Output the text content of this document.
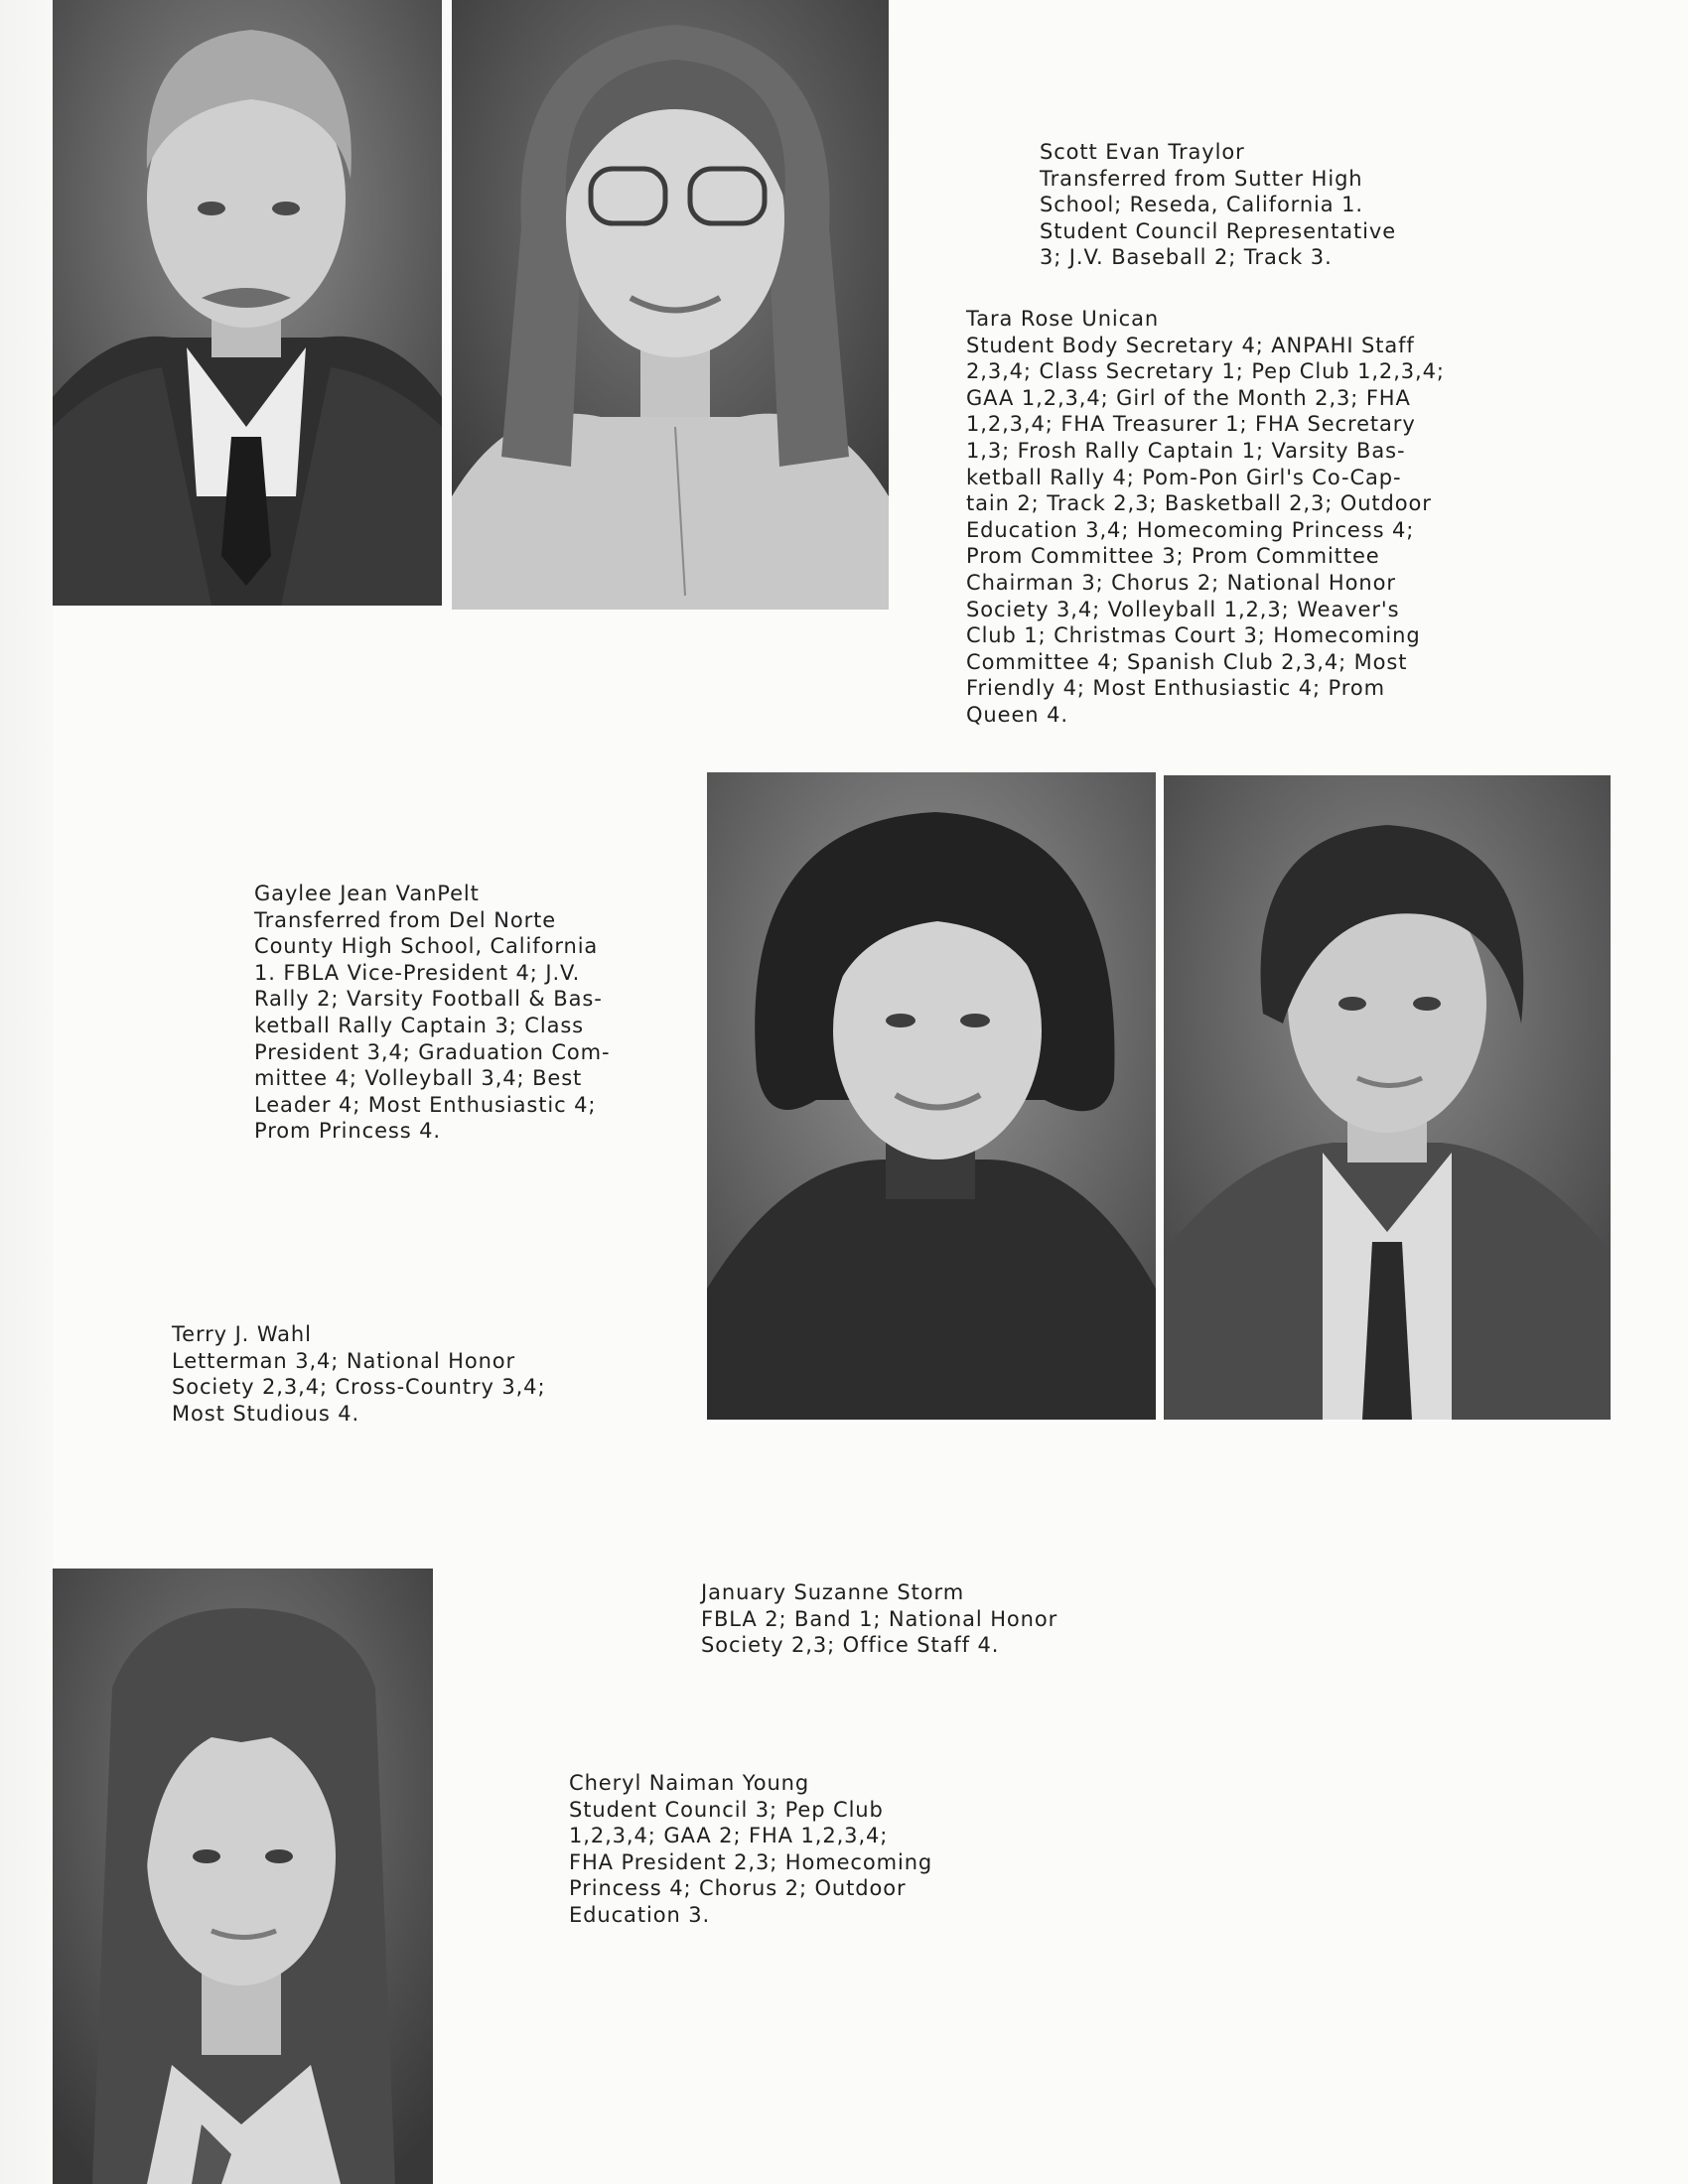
Scott Evan Traylor
Transferred from Sutter High
School; Reseda, California 1.
Student Council Representative
3; J.V. Baseball 2; Track 3.
Tara Rose Unican
Student Body Secretary 4; ANPAHI Staff
2,3,4; Class Secretary 1; Pep Club 1,2,3,4;
GAA 1,2,3,4; Girl of the Month 2,3; FHA
1,2,3,4; FHA Treasurer 1; FHA Secretary
1,3; Frosh Rally Captain 1; Varsity Bas-
ketball Rally 4; Pom-Pon Girl's Co-Cap-
tain 2; Track 2,3; Basketball 2,3; Outdoor
Education 3,4; Homecoming Princess 4;
Prom Committee 3; Prom Committee
Chairman 3; Chorus 2; National Honor
Society 3,4; Volleyball 1,2,3; Weaver's
Club 1; Christmas Court 3; Homecoming
Committee 4; Spanish Club 2,3,4; Most
Friendly 4; Most Enthusiastic 4; Prom
Queen 4.
Gaylee Jean VanPelt
Transferred from Del Norte
County High School, California
1. FBLA Vice-President 4; J.V.
Rally 2; Varsity Football & Bas-
ketball Rally Captain 3; Class
President 3,4; Graduation Com-
mittee 4; Volleyball 3,4; Best
Leader 4; Most Enthusiastic 4;
Prom Princess 4.
Terry J. Wahl
Letterman 3,4; National Honor
Society 2,3,4; Cross-Country 3,4;
Most Studious 4.
January Suzanne Storm
FBLA 2; Band 1; National Honor
Society 2,3; Office Staff 4.
Cheryl Naiman Young
Student Council 3; Pep Club
1,2,3,4; GAA 2; FHA 1,2,3,4;
FHA President 2,3; Homecoming
Princess 4; Chorus 2; Outdoor
Education 3.
